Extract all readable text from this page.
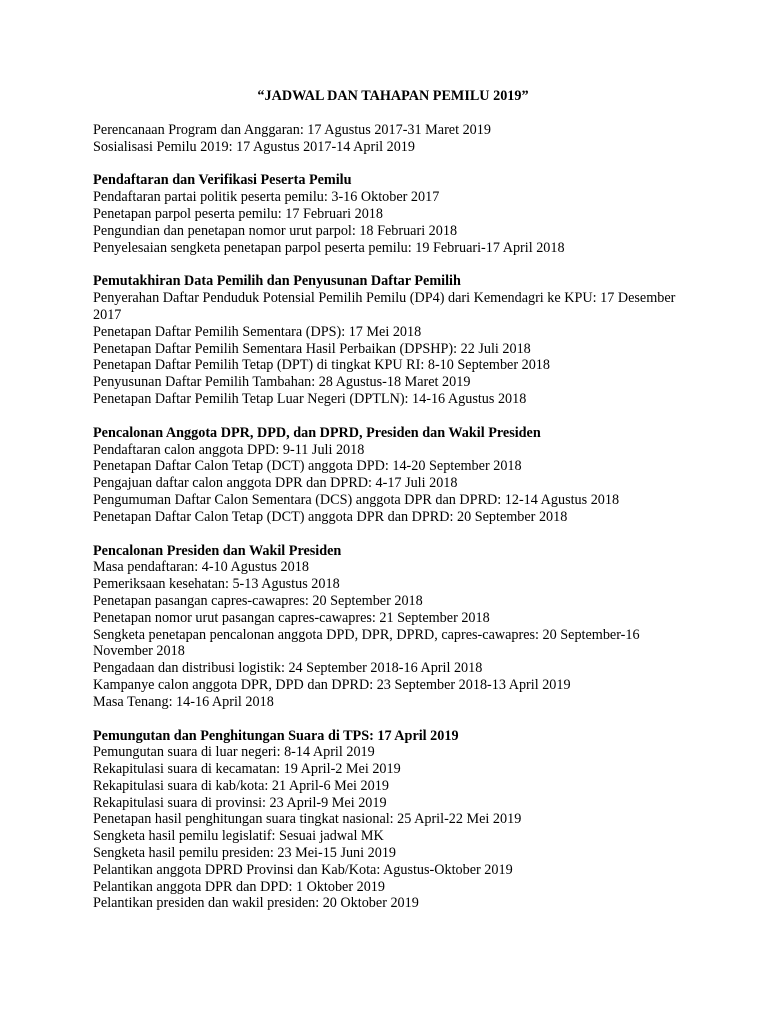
“JADWAL DAN TAHAPAN PEMILU 2019”

Perencanaan Program dan Anggaran: 17 Agustus 2017-31 Maret 2019

Sosialisasi Pemilu 2019: 17 Agustus 2017-14 April 2019

Pendaftaran dan Verifikasi Peserta Pemilu

Pendaftaran partai politik peserta pemilu: 3-16 Oktober 2017

Penetapan parpol peserta pemilu: 17 Februari 2018

Pengundian dan penetapan nomor urut parpol: 18 Februari 2018

Penyelesaian sengketa penetapan parpol peserta pemilu: 19 Februari-17 April 2018

Pemutakhiran Data Pemilih dan Penyusunan Daftar Pemilih

Penyerahan Daftar Penduduk Potensial Pemilih Pemilu (DP4) dari Kemendagri ke KPU: 17 Desember 2017

Penetapan Daftar Pemilih Sementara (DPS): 17 Mei 2018

Penetapan Daftar Pemilih Sementara Hasil Perbaikan (DPSHP): 22 Juli 2018

Penetapan Daftar Pemilih Tetap (DPT) di tingkat KPU RI: 8-10 September 2018

Penyusunan Daftar Pemilih Tambahan: 28 Agustus-18 Maret 2019

Penetapan Daftar Pemilih Tetap Luar Negeri (DPTLN): 14-16 Agustus 2018

Pencalonan Anggota DPR, DPD, dan DPRD, Presiden dan Wakil Presiden

Pendaftaran calon anggota DPD: 9-11 Juli 2018

Penetapan Daftar Calon Tetap (DCT) anggota DPD: 14-20 September 2018

Pengajuan daftar calon anggota DPR dan DPRD: 4-17 Juli 2018

Pengumuman Daftar Calon Sementara (DCS) anggota DPR dan DPRD: 12-14 Agustus 2018

Penetapan Daftar Calon Tetap (DCT) anggota DPR dan DPRD: 20 September 2018

Pencalonan Presiden dan Wakil Presiden

Masa pendaftaran: 4-10 Agustus 2018

Pemeriksaan kesehatan: 5-13 Agustus 2018

Penetapan pasangan capres-cawapres: 20 September 2018

Penetapan nomor urut pasangan capres-cawapres: 21 September 2018

Sengketa penetapan pencalonan anggota DPD, DPR, DPRD, capres-cawapres: 20 September-16 November 2018

Pengadaan dan distribusi logistik: 24 September 2018-16 April 2018

Kampanye calon anggota DPR, DPD dan DPRD: 23 September 2018-13 April 2019

Masa Tenang: 14-16 April 2018

Pemungutan dan Penghitungan Suara di TPS: 17 April 2019

Pemungutan suara di luar negeri: 8-14 April 2019

Rekapitulasi suara di kecamatan: 19 April-2 Mei 2019

Rekapitulasi suara di kab/kota: 21 April-6 Mei 2019

Rekapitulasi suara di provinsi: 23 April-9 Mei 2019

Penetapan hasil penghitungan suara tingkat nasional: 25 April-22 Mei 2019

Sengketa hasil pemilu legislatif: Sesuai jadwal MK

Sengketa hasil pemilu presiden: 23 Mei-15 Juni 2019

Pelantikan anggota DPRD Provinsi dan Kab/Kota: Agustus-Oktober 2019

Pelantikan anggota DPR dan DPD: 1 Oktober 2019

Pelantikan presiden dan wakil presiden: 20 Oktober 2019
